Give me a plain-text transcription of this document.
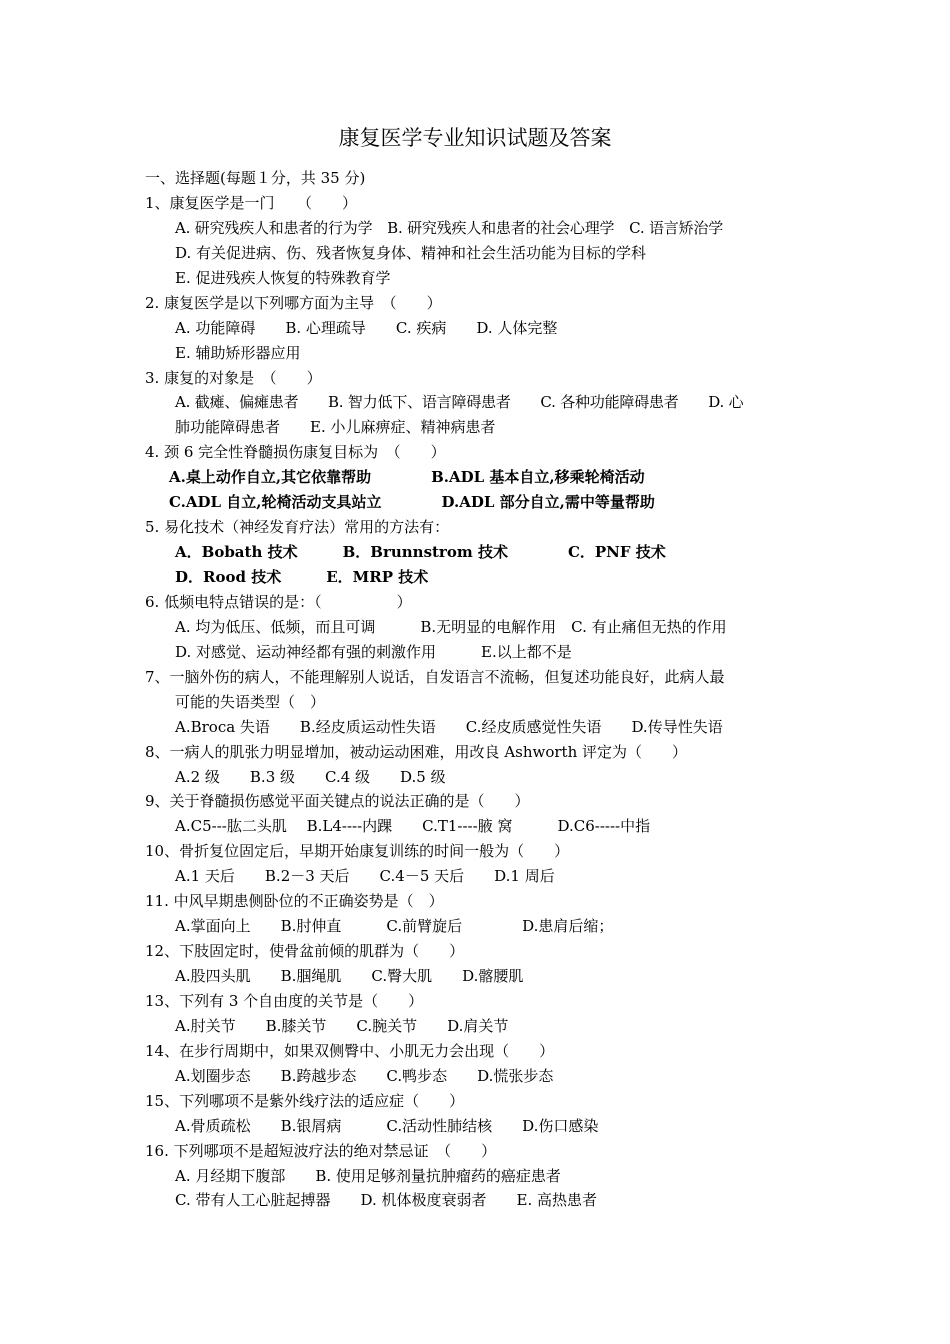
康复医学专业知识试题及答案
一、选择题(每题１分，共 35 分)
1、康复医学是一门　　（　　）
A. 研究残疾人和患者的行为学　B. 研究残疾人和患者的社会心理学　C. 语言矫治学
D. 有关促进病、伤、残者恢复身体、精神和社会生活功能为目标的学科
E. 促进残疾人恢复的特殊教育学
2. 康复医学是以下列哪方面为主导　（　　）
A. 功能障碍　　B. 心理疏导　　C. 疾病　　D. 人体完整
E. 辅助矫形器应用
3. 康复的对象是　（　　）
A. 截瘫、偏瘫患者　　B. 智力低下、语言障碍患者　　C. 各种功能障碍患者　　D. 心
肺功能障碍患者　　E. 小儿麻痹症、精神病患者
4. 颈 6 完全性脊髓损伤康复目标为　（　　）
A.桌上动作自立,其它依靠帮助　　　　B.ADL 基本自立,移乘轮椅活动
C.ADL 自立,轮椅活动支具站立　　　　D.ADL 部分自立,需中等量帮助
5. 易化技术（神经发育疗法）常用的方法有：
A．Bobath 技术　　　B．Brunnstrom 技术　　　　C．PNF 技术
D．Rood 技术　　　E．MRP 技术
6. 低频电特点错误的是：（　　　　　）
A. 均为低压、低频，而且可调　　　B.无明显的电解作用　C. 有止痛但无热的作用
D. 对感觉、运动神经都有强的刺激作用　　　E.以上都不是
7、一脑外伤的病人，不能理解别人说话，自发语言不流畅，但复述功能良好，此病人最
可能的失语类型（　）
A.Broca 失语　　B.经皮质运动性失语　　C.经皮质感觉性失语　　D.传导性失语
8、一病人的肌张力明显增加，被动运动困难，用改良 Ashworth 评定为（　　）
A.2 级　　B.3 级　　C.4 级　　D.5 级
9、关于脊髓损伤感觉平面关键点的说法正确的是（　　）
A.C5---肱二头肌　 B.L4----内踝　　C.T1----腋 窝　　　D.C6-----中指
10、骨折复位固定后，早期开始康复训练的时间一般为（　　）
A.1 天后　　B.2－3 天后　　C.4－5 天后　　D.1 周后
11. 中风早期患侧卧位的不正确姿势是（　）
A.掌面向上　　B.肘伸直　　　C.前臂旋后　　　　D.患肩后缩；
12、下肢固定时，使骨盆前倾的肌群为（　　）
A.股四头肌　　B.腘绳肌　　C.臀大肌　　D.髂腰肌
13、下列有 3 个自由度的关节是（　　）
A.肘关节　　B.膝关节　　C.腕关节　　D.肩关节
14、在步行周期中，如果双侧臀中、小肌无力会出现（　　）
A.划圈步态　　B.跨越步态　　C.鸭步态　　D.慌张步态
15、下列哪项不是紫外线疗法的适应症（　　）
A.骨质疏松　　B.银屑病　　　C.活动性肺结核　　D.伤口感染
16. 下列哪项不是超短波疗法的绝对禁忌证　（　　）
A. 月经期下腹部　　B. 使用足够剂量抗肿瘤药的癌症患者
C. 带有人工心脏起搏器　　D. 机体极度衰弱者　　E. 高热患者
